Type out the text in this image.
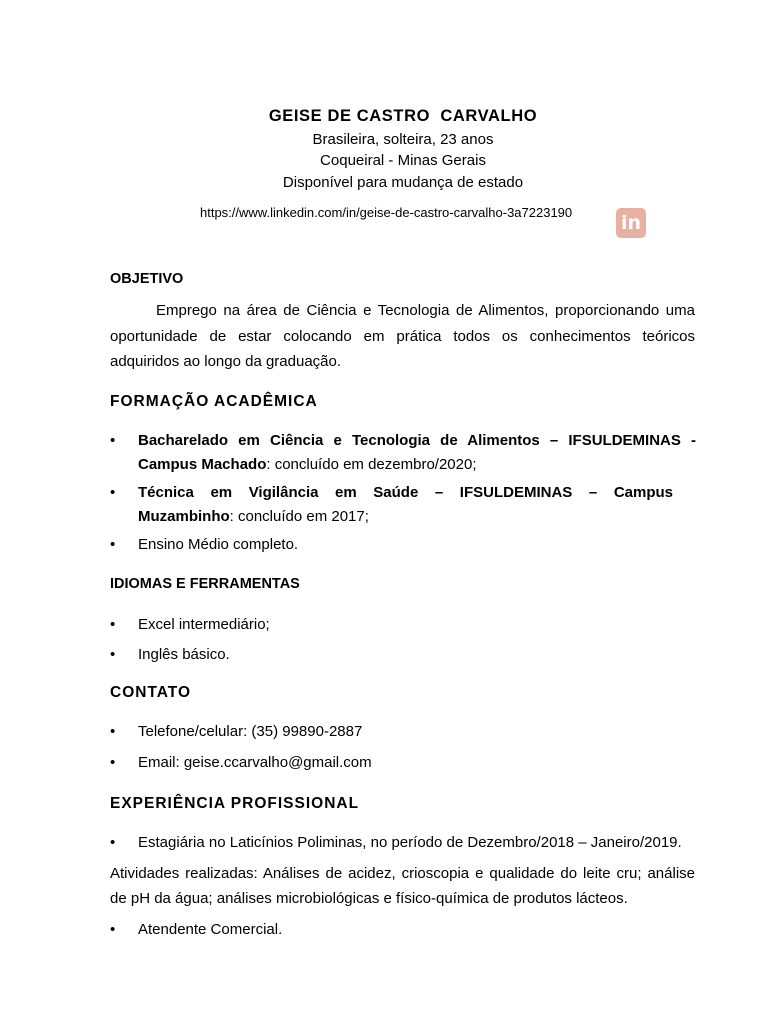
GEISE DE CASTRO  CARVALHO
Brasileira, solteira, 23 anos
Coqueiral - Minas Gerais
Disponível para mudança de estado
https://www.linkedin.com/in/geise-de-castro-carvalho-3a7223190	in
OBJETIVO
Emprego na área de Ciência e Tecnologia de Alimentos, proporcionando uma
oportunidade de estar colocando em prática todos os conhecimentos teóricos
adquiridos ao longo da graduação.
FORMAÇÃO ACADÊMICA
•	Bacharelado em Ciência e Tecnologia de Alimentos – IFSULDEMINAS -
Campus Machado: concluído em dezembro/2020;
•	Técnica em Vigilância em Saúde – IFSULDEMINAS – Campus
Muzambinho: concluído em 2017;
•	Ensino Médio completo.
IDIOMAS E FERRAMENTAS
•	Excel intermediário;
•	Inglês básico.
CONTATO
•	Telefone/celular: (35) 99890-2887
•	Email: geise.ccarvalho@gmail.com
EXPERIÊNCIA PROFISSIONAL
•	Estagiária no Laticínios Poliminas, no período de Dezembro/2018 – Janeiro/2019.
Atividades realizadas: Análises de acidez, crioscopia e qualidade do leite cru; análise
de pH da água; análises microbiológicas e físico-química de produtos lácteos.
•	Atendente Comercial.
